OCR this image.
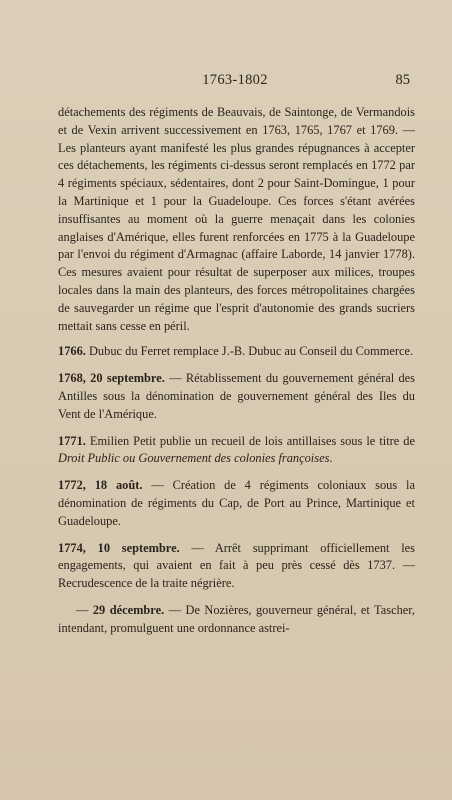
1763-1802	85

détachements des régiments de Beauvais, de Saintonge, de Vermandois et de Vexin arrivent successivement en 1763, 1765, 1767 et 1769. — Les planteurs ayant manifesté les plus grandes répugnances à accepter ces détachements, les régiments ci-dessus seront remplacés en 1772 par 4 régiments spéciaux, sédentaires, dont 2 pour Saint-Domingue, 1 pour la Martinique et 1 pour la Guadeloupe. Ces forces s'étant avérées insuffisantes au moment où la guerre menaçait dans les colonies anglaises d'Amérique, elles furent renforcées en 1775 à la Guadeloupe par l'envoi du régiment d'Armagnac (affaire Laborde, 14 janvier 1778). Ces mesures avaient pour résultat de superposer aux milices, troupes locales dans la main des planteurs, des forces métropolitaines chargées de sauvegarder un régime que l'esprit d'autonomie des grands sucriers mettait sans cesse en péril.

1766. Dubuc du Ferret remplace J.-B. Dubuc au Conseil du Commerce.

1768, 20 septembre. — Rétablissement du gouvernement général des Antilles sous la dénomination de gouvernement général des Iles du Vent de l'Amérique.

1771. Emilien Petit publie un recueil de lois antillaises sous le titre de Droit Public ou Gouvernement des colonies françoises.

1772, 18 août. — Création de 4 régiments coloniaux sous la dénomination de régiments du Cap, de Port au Prince, Martinique et Guadeloupe.

1774, 10 septembre. — Arrêt supprimant officiellement les engagements, qui avaient en fait à peu près cessé dès 1737. — Recrudescence de la traite négrière.

— 29 décembre. — De Nozières, gouverneur général, et Tascher, intendant, promulguent une ordonnance astrei-
